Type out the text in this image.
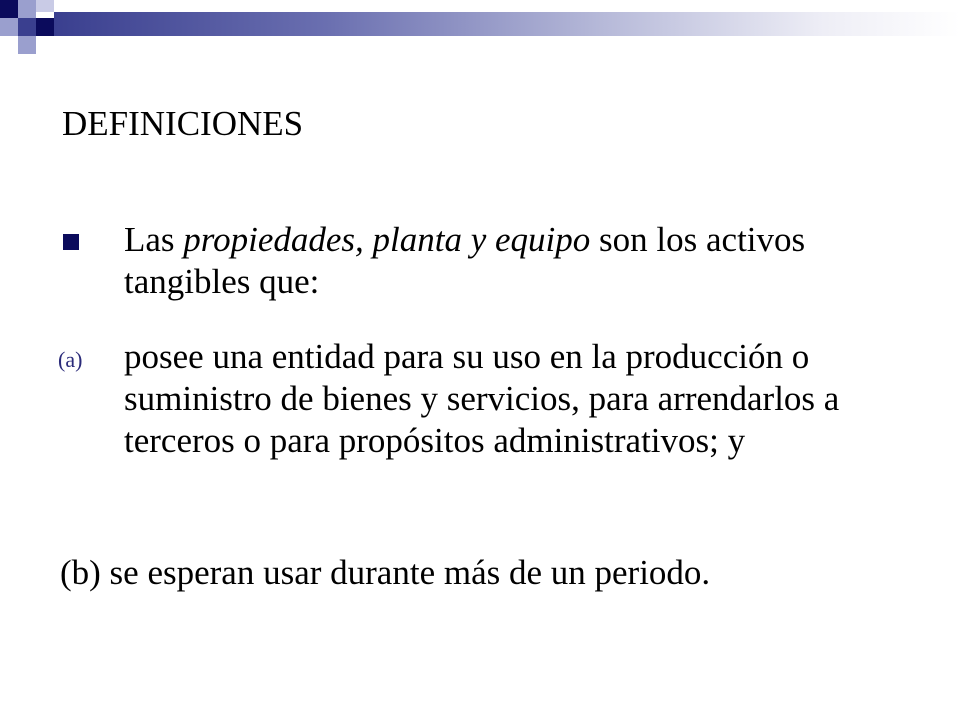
DEFINICIONES
Las propiedades, planta y equipo son los activos tangibles que:
(a) posee una entidad para su uso en la producción o suministro de bienes y servicios, para arrendarlos a terceros o para propósitos administrativos; y
(b) se esperan usar durante más de un periodo.
